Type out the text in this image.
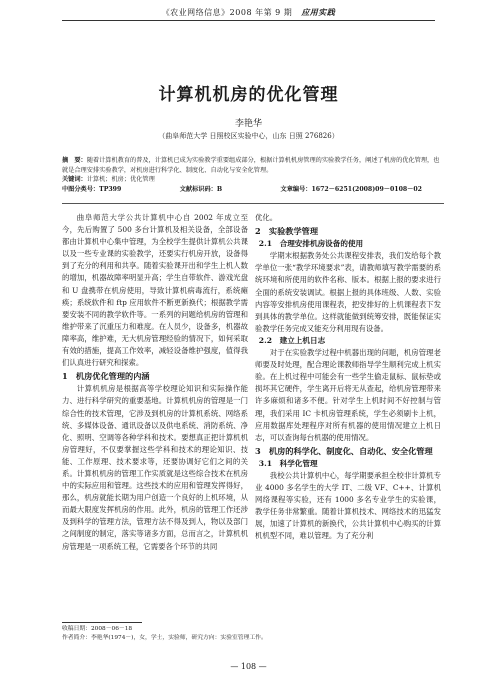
《农业网络信息》2008 年第 9 期 应用实践
计算机机房的优化管理
李艳华
（曲阜师范大学 日照校区实验中心，山东 日照 276826）
摘　要：随着计算机教育的普及，计算机已成为实验教学重要组成部分，根据计算机机房管理的实验教学任务，阐述了机房的优化管理，也就是合理安排实验教学，对机房进行科学化、制度化、自动化与安全化管理。
关键词：计算机；机房；优化管理
中图分类号：TP399	文献标识码：B	文章编号：1672－6251(2008)09－0108－02

曲阜师范大学公共计算机中心自 2002 年成立至今，先后购置了 500 多台计算机及相关设备，全部设备都由计算机中心集中管理，为全校学生提供计算机公共课以及一些专业课的实验教学，还要实行机房开放，设备得到了充分的利用和共享。随着实验课开出和学生上机人数的增加，机器故障率明显升高；学生自带软件、游戏光盘和 U 盘携带在机房使用，导致计算机病毒流行，系统瘫痪；系统软件和 ftp 应用软件不断更新换代；根据教学需要安装不同的教学软件等。一系列的问题给机房的管理和维护带来了沉重压力和难度。在人员少，设备多，机器故障率高，维护难，无大机房管理经验的情况下，如何采取有效的措施，提高工作效率，减轻设备维护强度，值得我们认真进行研究和探索。

1　机房优化管理的内涵

计算机机房是根据高等学校理论知识和实际操作能力、进行科学研究的重要基地。计算机机房的管理是一门综合性的技术管理，它涉及到机房的计算机系统、网络系统、多媒体设备、通讯设备以及供电系统、消防系统、净化、照明、空调等各种学科和技术。要想真正把计算机机房管理好，不仅要掌握这些学科和技术的理论知识、技能、工作原理、技术要求等，还要协调好它们之间的关系。计算机机房的管理工作实质就是这些综合技术在机房中的实际应用和管理。这些技术的应用和管理发挥得好，那么，机房就能长期为用户创造一个良好的上机环境，从而最大限度发挥机房的作用。此外，机房的管理工作还涉及到科学的管理方法，管理方法不得及到人，物以及部门之间制度的制定，落实等诸多方面，总而言之，计算机机房管理是一项系统工程，它需要各个环节的共同

优化。

2　实验教学管理
2.1　合理安排机房设备的使用

学期末根据教务处公共课程安排表，我们发给每个教学单位一张“教学环境要求”表，请教师填写教学需要的系统环境和所使用的软件名称、版本。根据上报的要求进行全面的系统安装调试。根据上报的具体班级、人数、实验内容等安排机房使用课程表，把安排好的上机课程表下发到具体的教学单位。这样就能做到统筹安排，既能保证实验教学任务完成又能充分利用现有设备。

2.2　建立上机日志

对于在实验教学过程中机器出现的问题，机房管理老师要及时处理，配合理论课教师指导学生顺利完成上机实验。在上机过程中可能会有一些学生偷走鼠标、鼠标垫或损坏其它硬件，学生离开后将无从查起，给机房管理带来许多麻烦和诸多不便。针对学生上机时间不好控制与管理，我们采用 IC 卡机房管理系统，学生必须刷卡上机，应用数据库处理程序对所有机器的使用情况建立上机日志，可以查询每台机器的使用情况。

3　机房的科学化、制度化、自动化、安全化管理
3.1　科学化管理

我校公共计算机中心，每学期要承担全校非计算机专业 4000 多名学生的大学 IT、二级 VF、C++、计算机网络课程等实验，还有 1000 多名专业学生的实验课，教学任务非常繁重。随着计算机技术、网络技术的迅猛发展，加速了计算机的新换代，公共计算机中心购买的计算机机型不同，难以管理。为了充分利

收稿日期：2008－06－18
作者简介：李艳华(1974－)，女，学士，实验师，研究方向：实验室管理工作。
— 108 —
